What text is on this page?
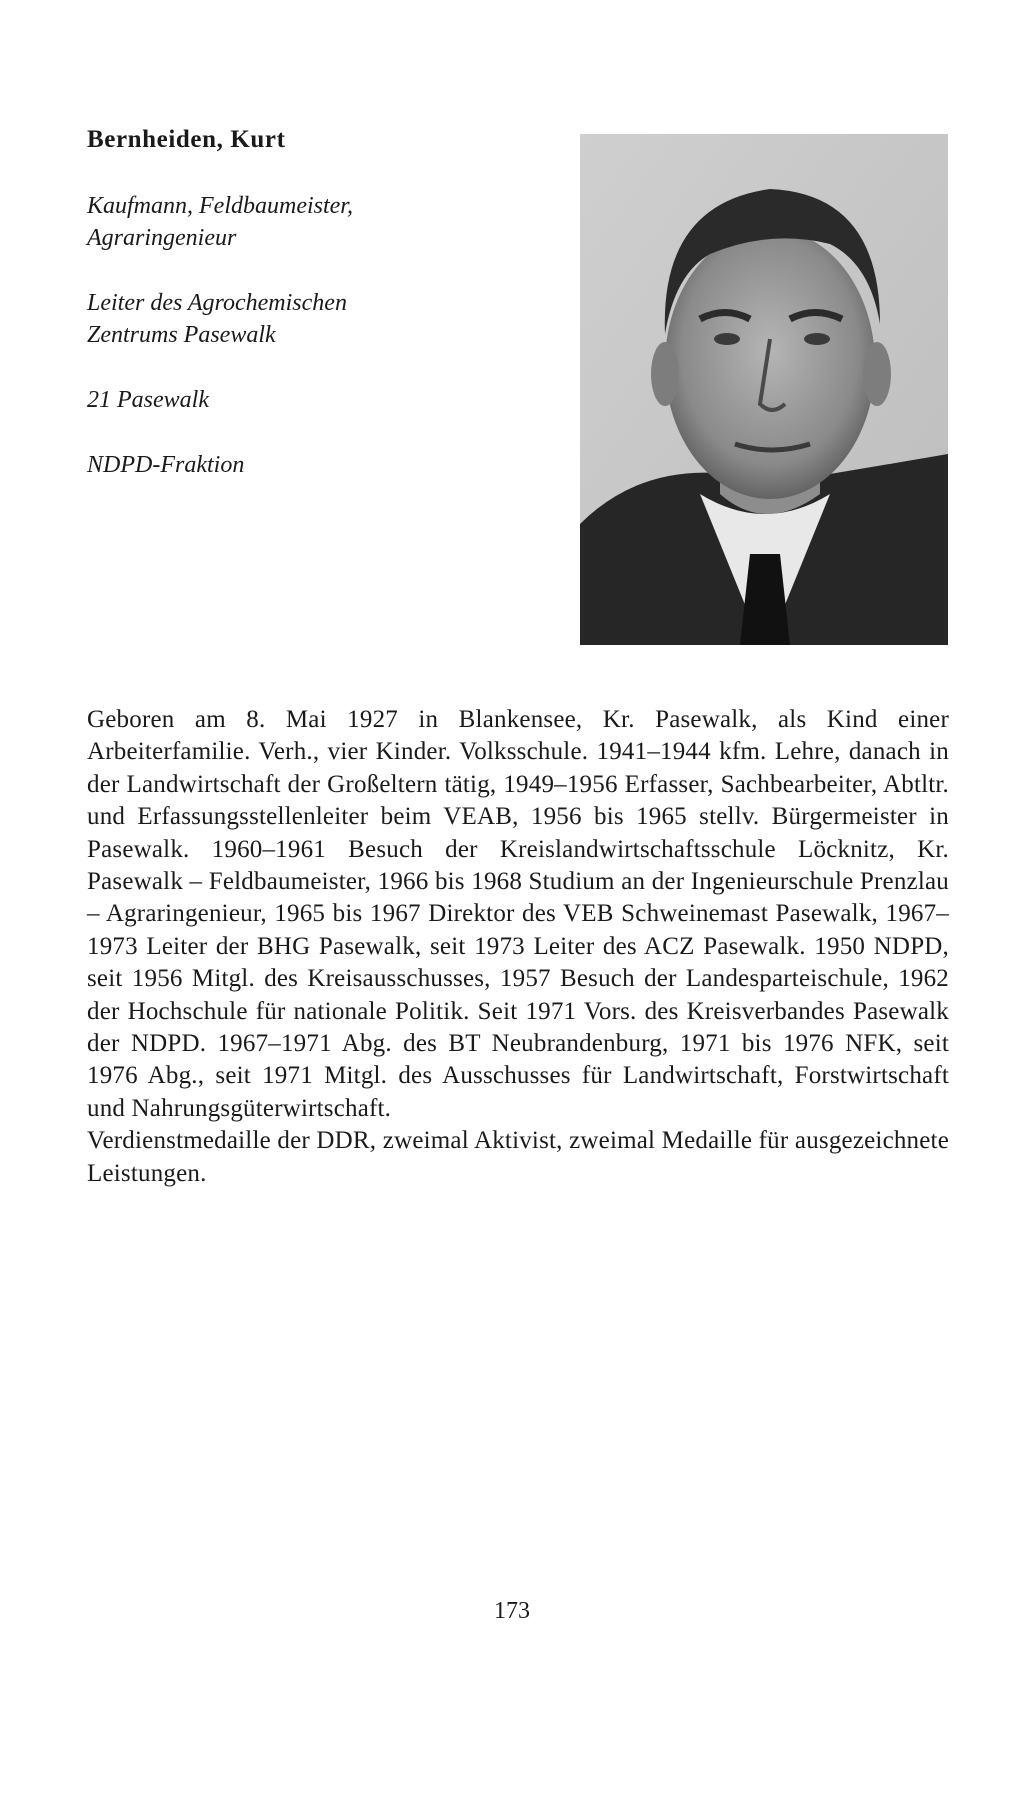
Bernheiden, Kurt
Kaufmann, Feldbaumeister,
Agraringenieur
Leiter des Agrochemischen
Zentrums Pasewalk
21 Pasewalk
NDPD-Fraktion

Geboren am 8. Mai 1927 in Blankensee, Kr. Pasewalk, als Kind einer Arbeiterfamilie. Verh., vier Kinder. Volksschule. 1941–1944 kfm. Lehre, danach in der Landwirtschaft der Großeltern tätig, 1949–1956 Erfasser, Sachbearbeiter, Abtltr. und Erfassungsstellenleiter beim VEAB, 1956 bis 1965 stellv. Bürgermeister in Pasewalk. 1960–1961 Besuch der Kreislandwirtschaftsschule Löcknitz, Kr. Pasewalk – Feldbaumeister, 1966 bis 1968 Studium an der Ingenieurschule Prenzlau – Agraringenieur, 1965 bis 1967 Direktor des VEB Schweinemast Pasewalk, 1967–1973 Leiter der BHG Pasewalk, seit 1973 Leiter des ACZ Pasewalk. 1950 NDPD, seit 1956 Mitgl. des Kreisausschusses, 1957 Besuch der Landesparteischule, 1962 der Hochschule für nationale Politik. Seit 1971 Vors. des Kreisverbandes Pasewalk der NDPD. 1967–1971 Abg. des BT Neubrandenburg, 1971 bis 1976 NFK, seit 1976 Abg., seit 1971 Mitgl. des Ausschusses für Landwirtschaft, Forstwirtschaft und Nahrungsgüterwirtschaft.

Verdienstmedaille der DDR, zweimal Aktivist, zweimal Medaille für ausgezeichnete Leistungen.

173
